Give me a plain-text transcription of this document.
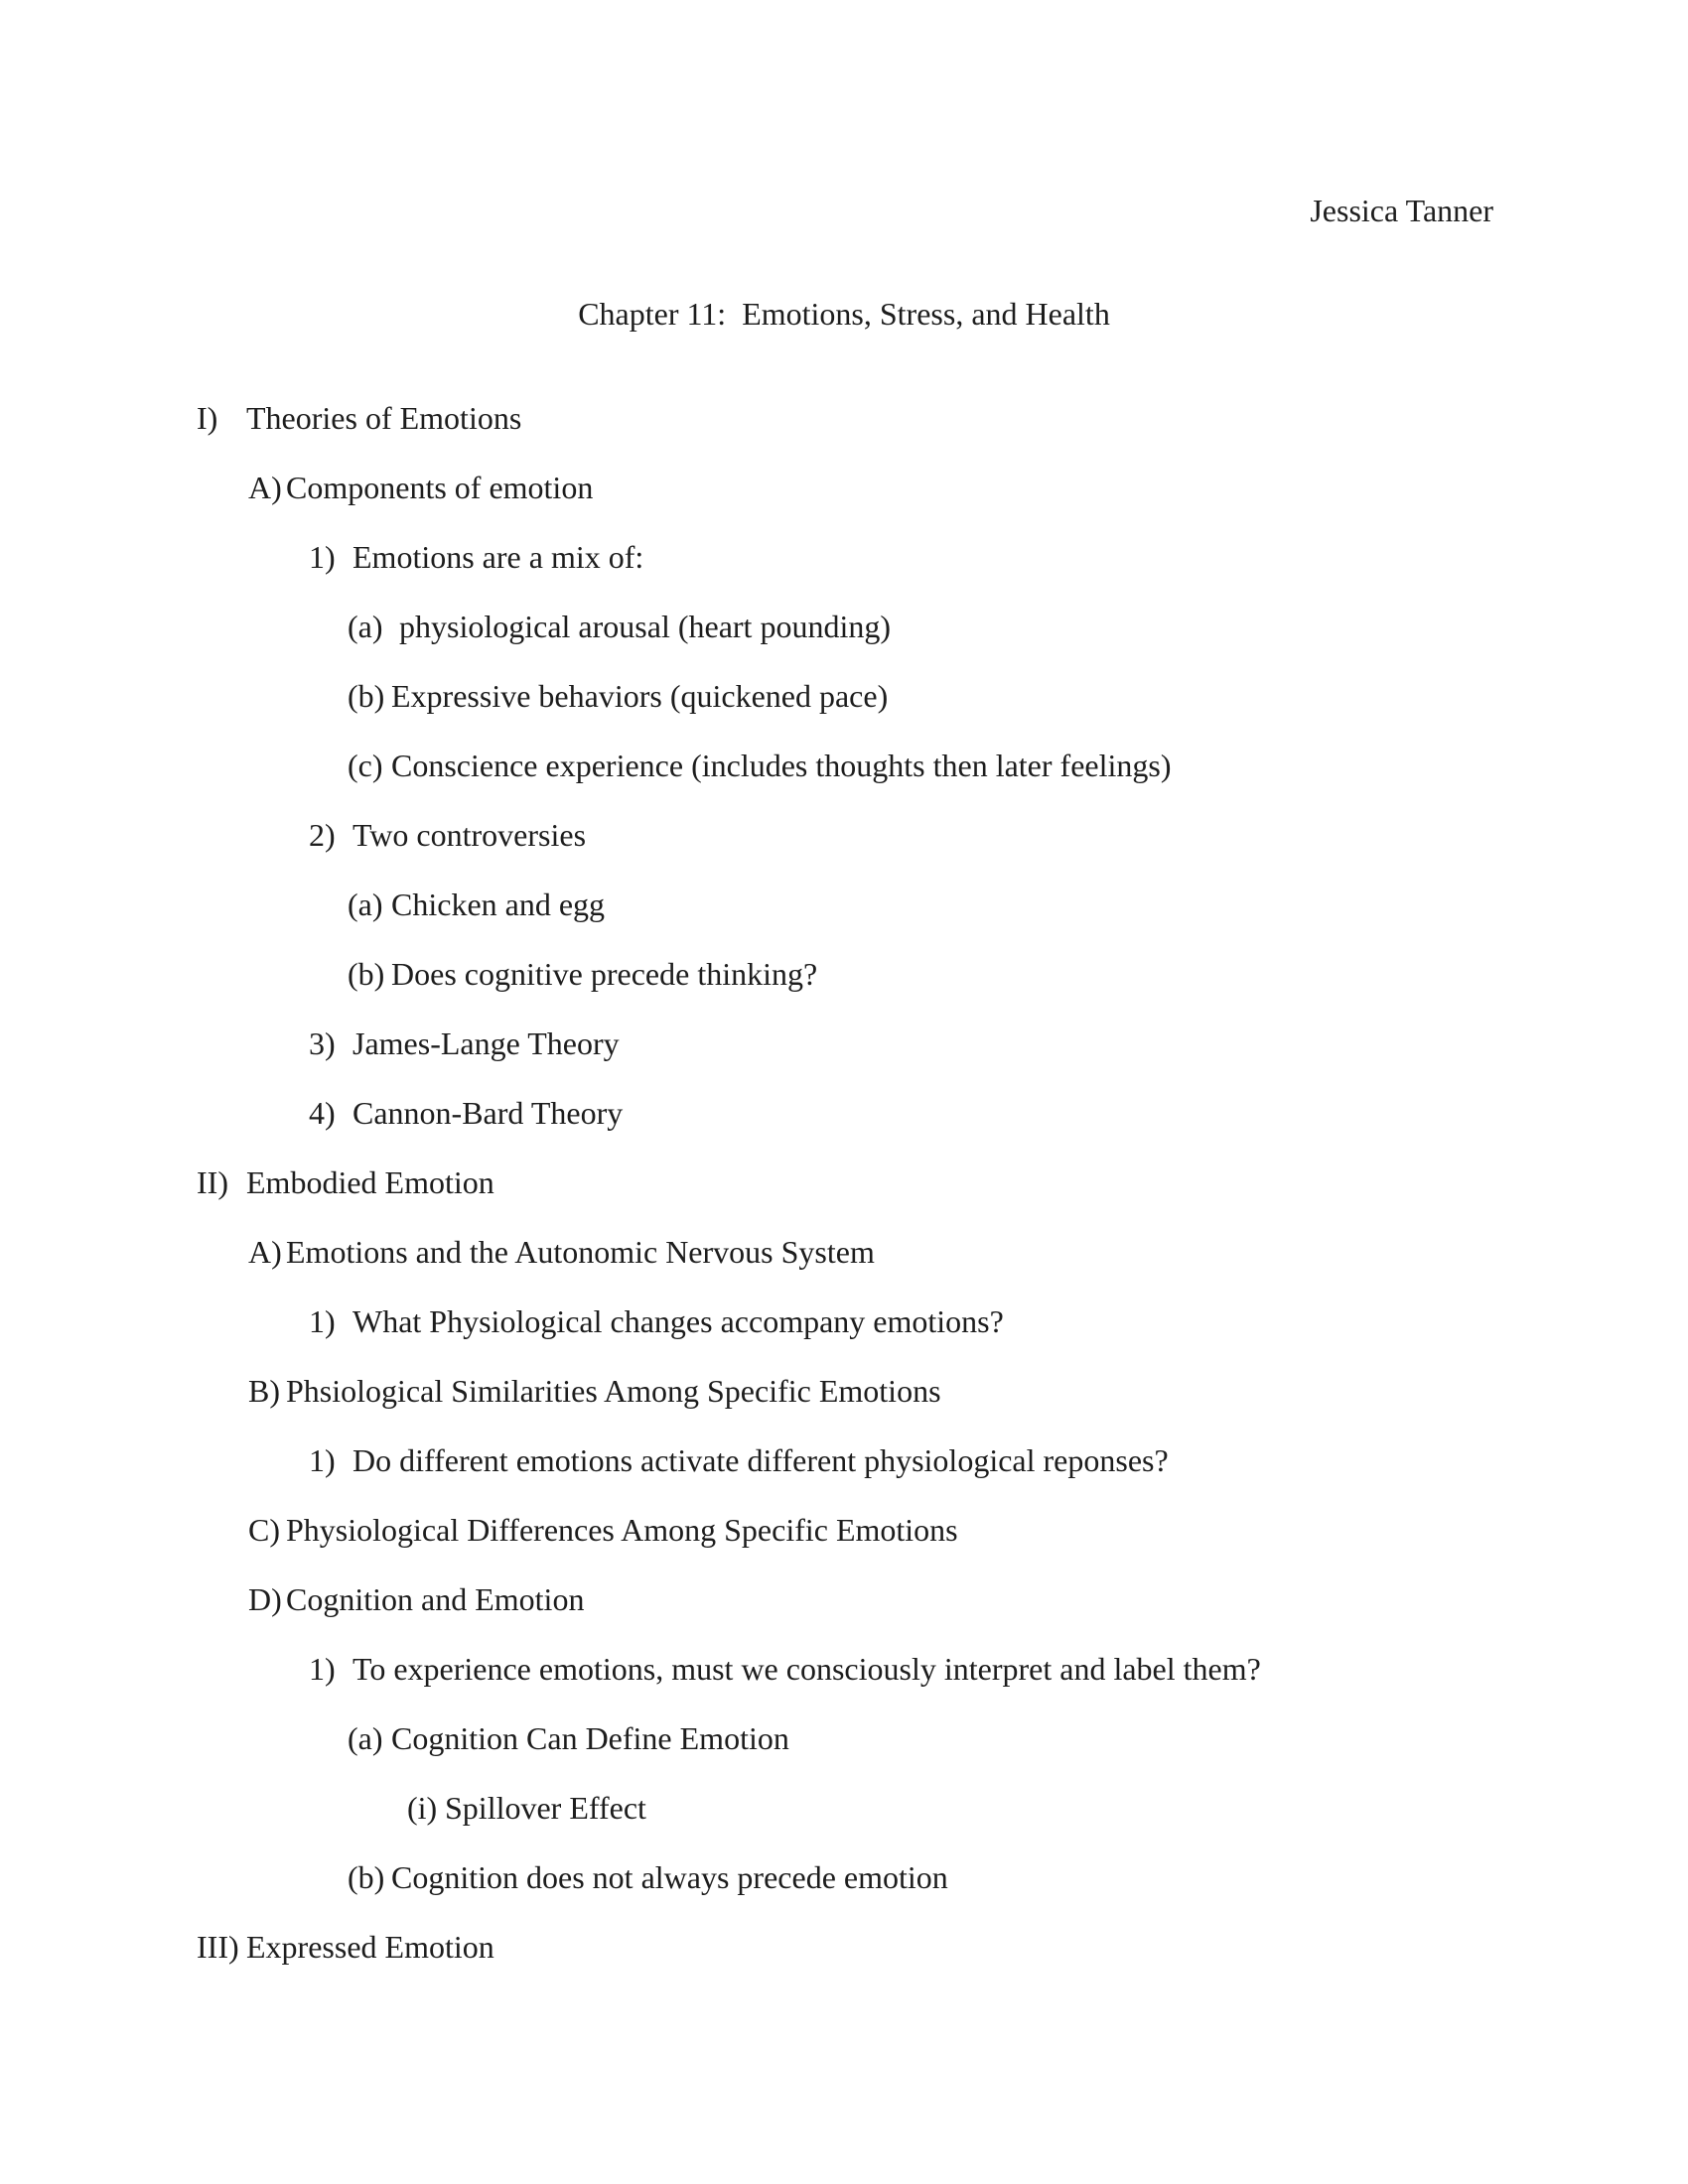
Jessica Tanner
Chapter 11:  Emotions, Stress, and Health
I) Theories of Emotions
A) Components of emotion
1) Emotions are a mix of:
(a) physiological arousal (heart pounding)
(b) Expressive behaviors (quickened pace)
(c) Conscience experience (includes thoughts then later feelings)
2) Two controversies
(a) Chicken and egg
(b) Does cognitive precede thinking?
3) James-Lange Theory
4) Cannon-Bard Theory
II) Embodied Emotion
A) Emotions and the Autonomic Nervous System
1) What Physiological changes accompany emotions?
B) Phsiological Similarities Among Specific Emotions
1) Do different emotions activate different physiological reponses?
C) Physiological Differences Among Specific Emotions
D) Cognition and Emotion
1) To experience emotions, must we consciously interpret and label them?
(a) Cognition Can Define Emotion
(i) Spillover Effect
(b) Cognition does not always precede emotion
III) Expressed Emotion
